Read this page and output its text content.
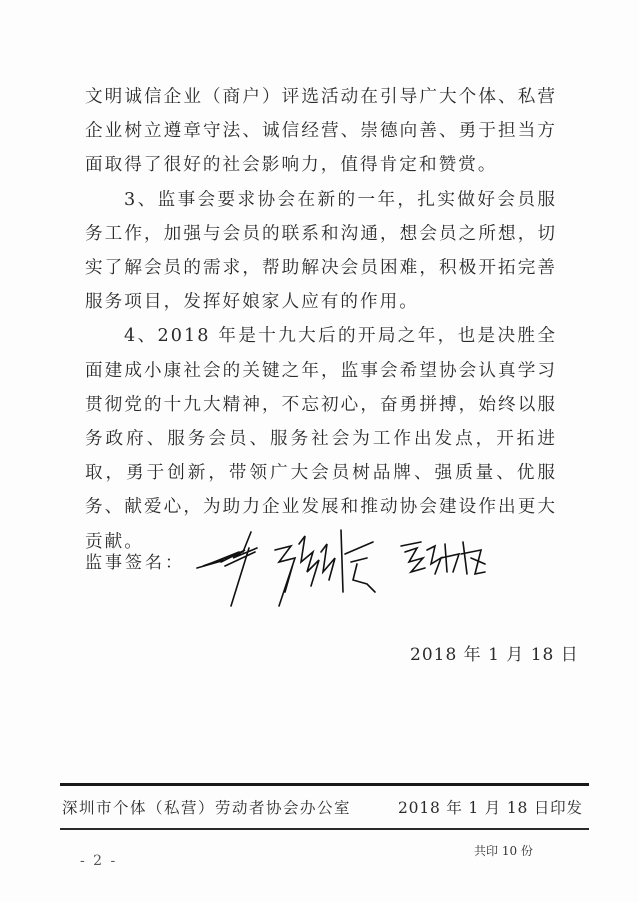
文明诚信企业（商户）评选活动在引导广大个体、私营企业树立遵章守法、诚信经营、崇德向善、勇于担当方面取得了很好的社会影响力，值得肯定和赞赏。

3、监事会要求协会在新的一年，扎实做好会员服务工作，加强与会员的联系和沟通，想会员之所想，切实了解会员的需求，帮助解决会员困难，积极开拓完善服务项目，发挥好娘家人应有的作用。

4、2018 年是十九大后的开局之年，也是决胜全面建成小康社会的关键之年，监事会希望协会认真学习贯彻党的十九大精神，不忘初心，奋勇拼搏，始终以服务政府、服务会员、服务社会为工作出发点，开拓进取，勇于创新，带领广大会员树品牌、强质量、优服务、献爱心，为助力企业发展和推动协会建设作出更大贡献。

监事签名：
2018 年 1 月 18 日
深圳市个体（私营）劳动者协会办公室	2018 年 1 月 18 日印发
共印 10 份
- 2 -
